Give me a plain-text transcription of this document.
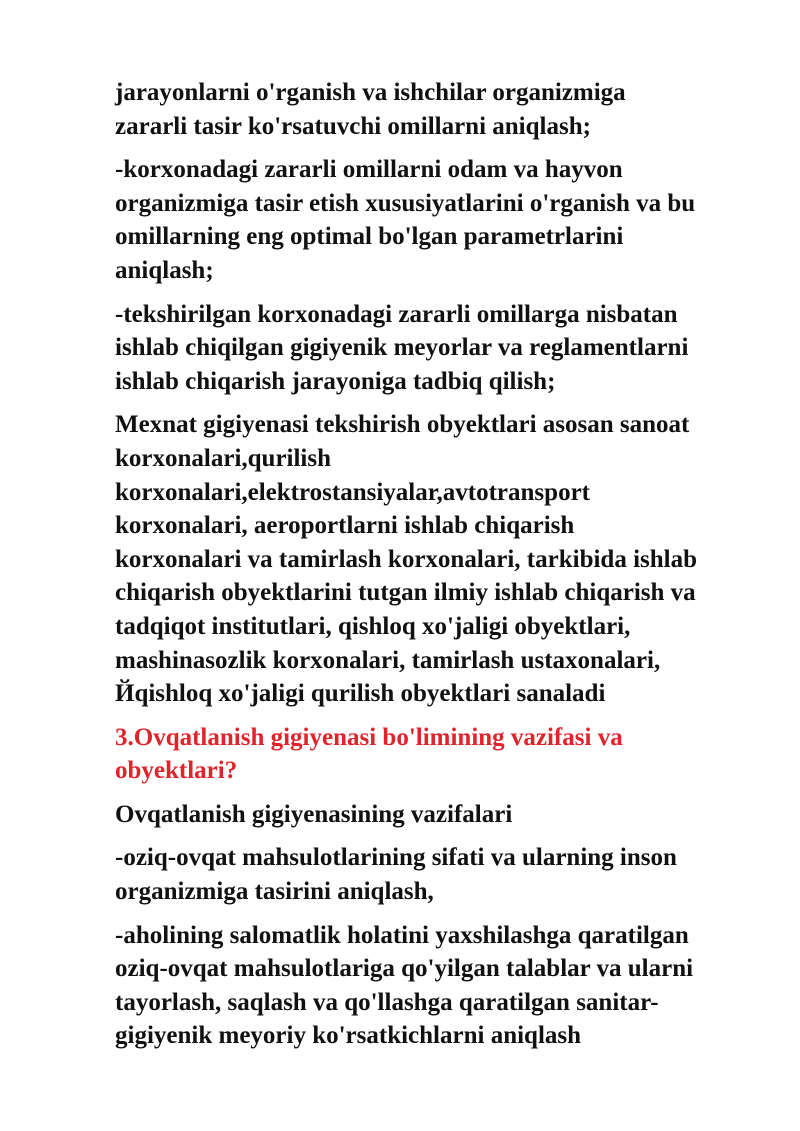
jarayonlarni o'rganish va ishchilar organizmiga
zararli tasir ko'rsatuvchi omillarni aniqlash;

-korxonadagi zararli omillarni odam va hayvon
organizmiga tasir etish xususiyatlarini o'rganish va bu
omillarning eng optimal bo'lgan parametrlarini
aniqlash;

-tekshirilgan korxonadagi zararli omillarga nisbatan
ishlab chiqilgan gigiyenik meyorlar va reglamentlarni
ishlab chiqarish jarayoniga tadbiq qilish;

Mexnat gigiyenasi tekshirish obyektlari asosan sanoat
korxonalari,qurilish
korxonalari,elektrostansiyalar,avtotransport
korxonalari, aeroportlarni ishlab chiqarish
korxonalari va tamirlash korxonalari, tarkibida ishlab
chiqarish obyektlarini tutgan ilmiy ishlab chiqarish va
tadqiqot institutlari, qishloq xo'jaligi obyektlari,
mashinasozlik korxonalari, tamirlash ustaxonalari,
Йqishloq xo'jaligi qurilish obyektlari sanaladi

3.Ovqatlanish gigiyenasi bo'limining vazifasi va
obyektlari?

Ovqatlanish gigiyenasining vazifalari

-oziq-ovqat mahsulotlarining sifati va ularning inson
organizmiga tasirini aniqlash,

-aholining salomatlik holatini yaxshilashga qaratilgan
oziq-ovqat mahsulotlariga qo'yilgan talablar va ularni
tayorlash, saqlash va qo'llashga qaratilgan sanitar-
gigiyenik meyoriy ko'rsatkichlarni aniqlash
